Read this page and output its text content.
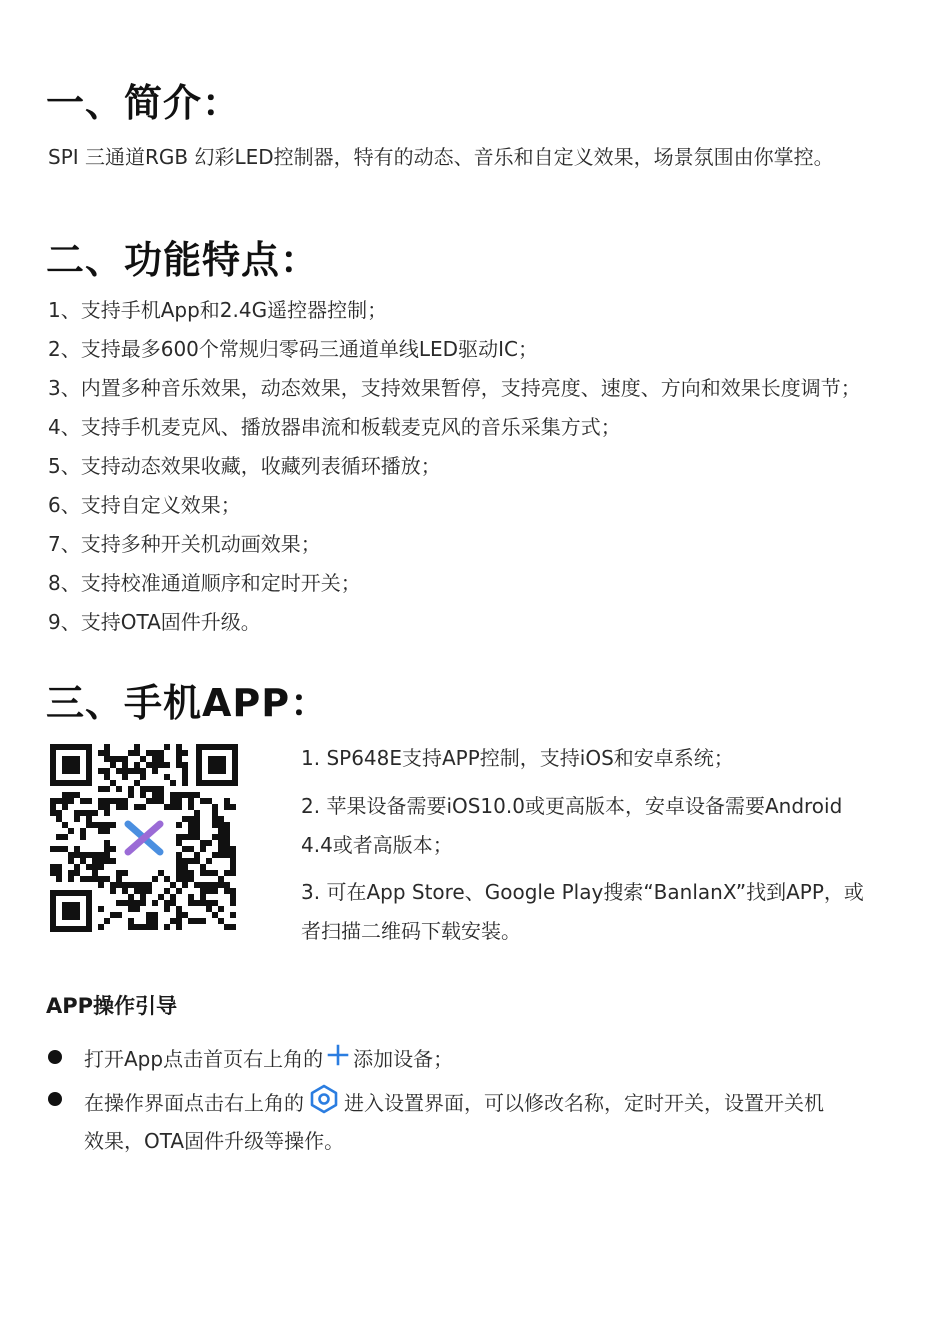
一、简介：

SPI 三通道RGB 幻彩LED控制器，特有的动态、音乐和自定义效果，场景氛围由你掌控。

二、功能特点：

1、支持手机App和2.4G遥控器控制；

2、支持最多600个常规归零码三通道单线LED驱动IC；

3、内置多种音乐效果，动态效果，支持效果暂停，支持亮度、速度、方向和效果长度调节；

4、支持手机麦克风、播放器串流和板载麦克风的音乐采集方式；

5、支持动态效果收藏，收藏列表循环播放；

6、支持自定义效果；

7、支持多种开关机动画效果；

8、支持校准通道顺序和定时开关；

9、支持OTA固件升级。

三、手机APP：

1. SP648E支持APP控制，支持iOS和安卓系统；

2. 苹果设备需要iOS10.0或更高版本，安卓设备需要Android

4.4或者高版本；

3. 可在App Store、Google Play搜索“BanlanX”找到APP，或

者扫描二维码下载安装。

APP操作引导

打开App点击首页右上角的 添加设备；

在操作界面点击右上角的 进入设置界面，可以修改名称，定时开关，设置开关机

效果，OTA固件升级等操作。
